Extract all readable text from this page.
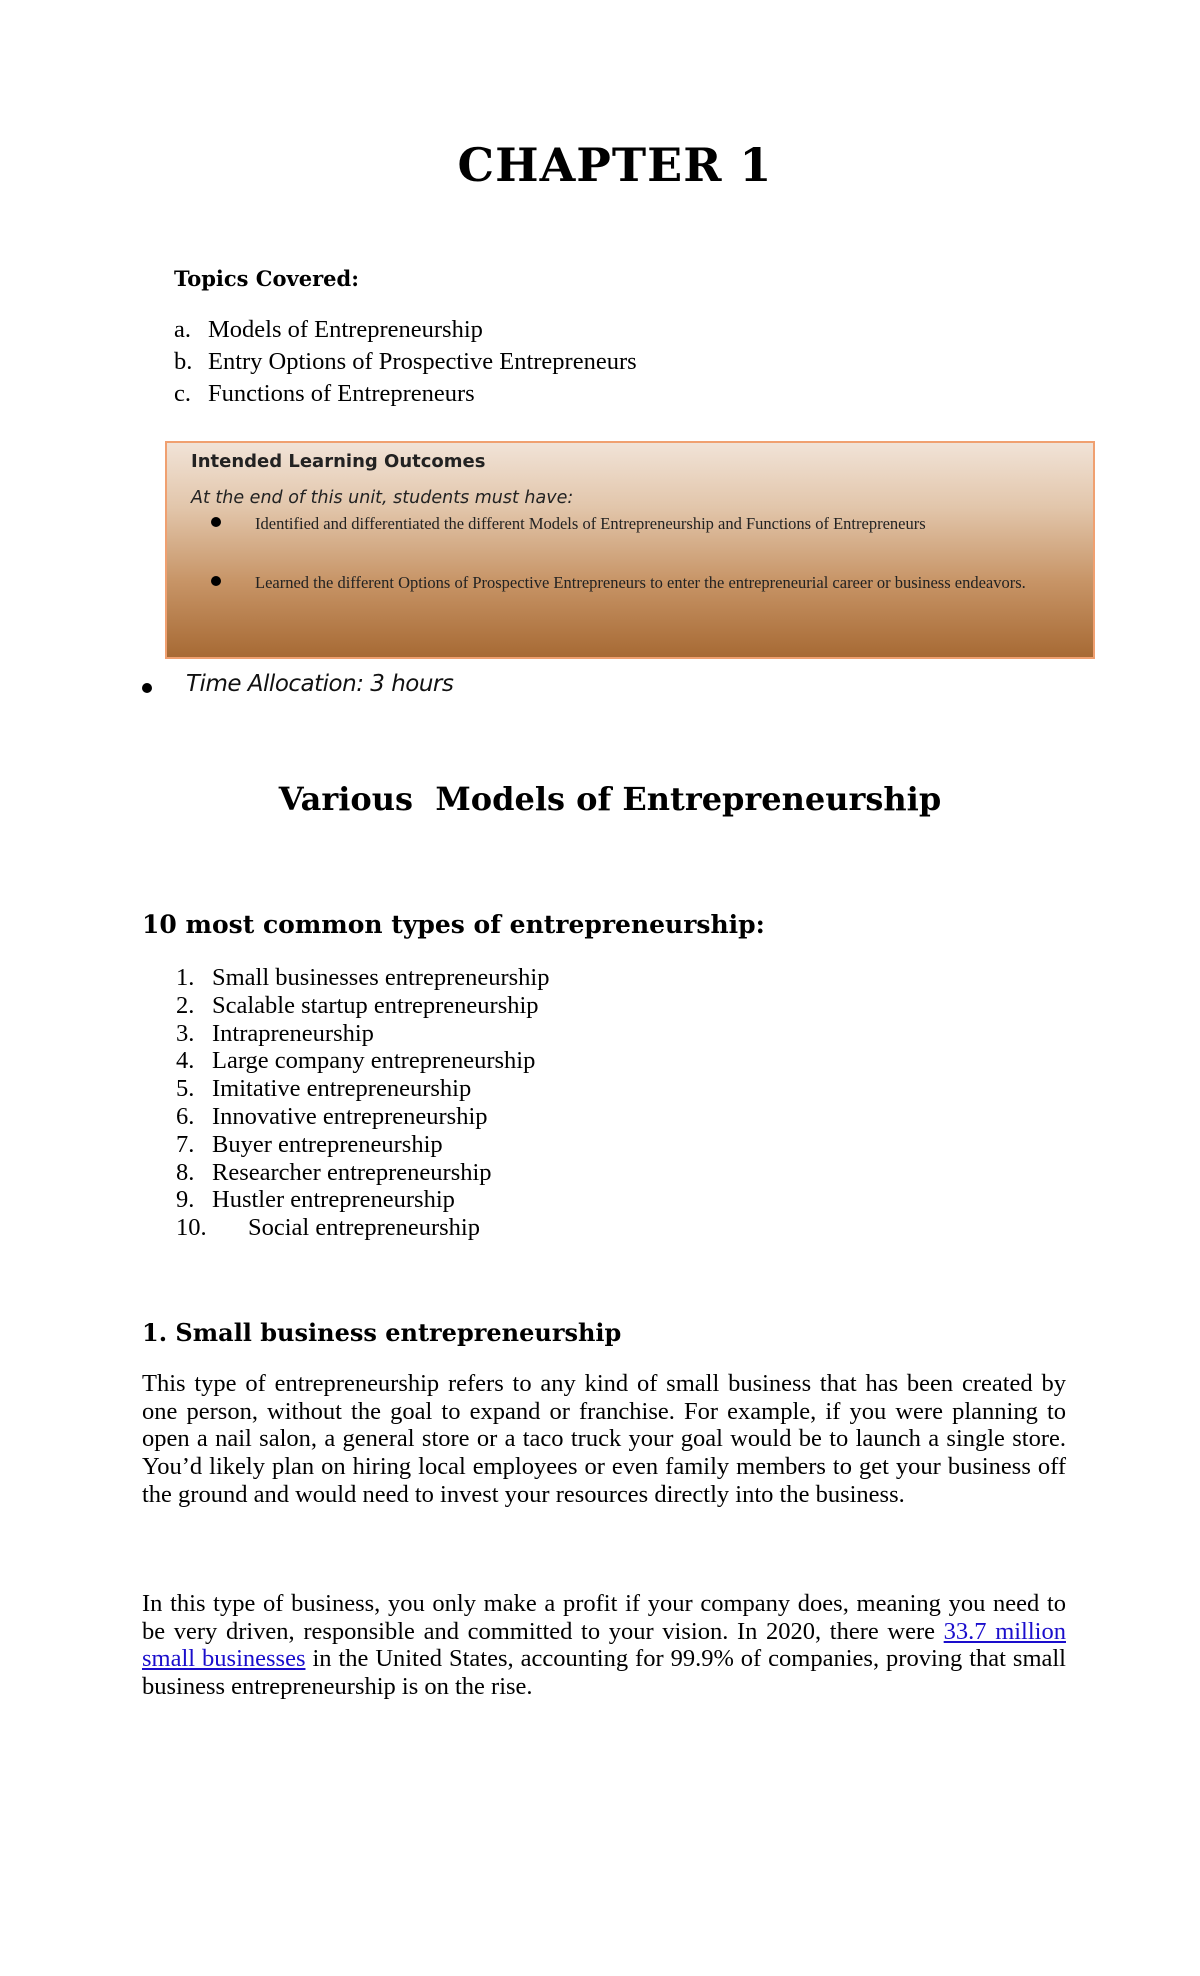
CHAPTER 1
Topics Covered:
a. Models of Entrepreneurship
b. Entry Options of Prospective Entrepreneurs
c. Functions of Entrepreneurs
Intended Learning Outcomes
At the end of this unit, students must have:
Identified and differentiated the different Models of Entrepreneurship and Functions of Entrepreneurs
Learned the different Options of Prospective Entrepreneurs to enter the entrepreneurial career or business endeavors.
Time Allocation: 3 hours
Various  Models of Entrepreneurship
10 most common types of entrepreneurship:
1. Small businesses entrepreneurship
2. Scalable startup entrepreneurship
3. Intrapreneurship
4. Large company entrepreneurship
5. Imitative entrepreneurship
6. Innovative entrepreneurship
7. Buyer entrepreneurship
8. Researcher entrepreneurship
9. Hustler entrepreneurship
10.	Social entrepreneurship
1. Small business entrepreneurship

This type of entrepreneurship refers to any kind of small business that has been created by one person, without the goal to expand or franchise. For example, if you were planning to open a nail salon, a general store or a taco truck your goal would be to launch a single store. You’d likely plan on hiring local employees or even family members to get your business off the ground and would need to invest your resources directly into the business.

In this type of business, you only make a profit if your company does, meaning you need to be very driven, responsible and committed to your vision. In 2020, there were 33.7 million small businesses in the United States, accounting for 99.9% of companies, proving that small business entrepreneurship is on the rise.
